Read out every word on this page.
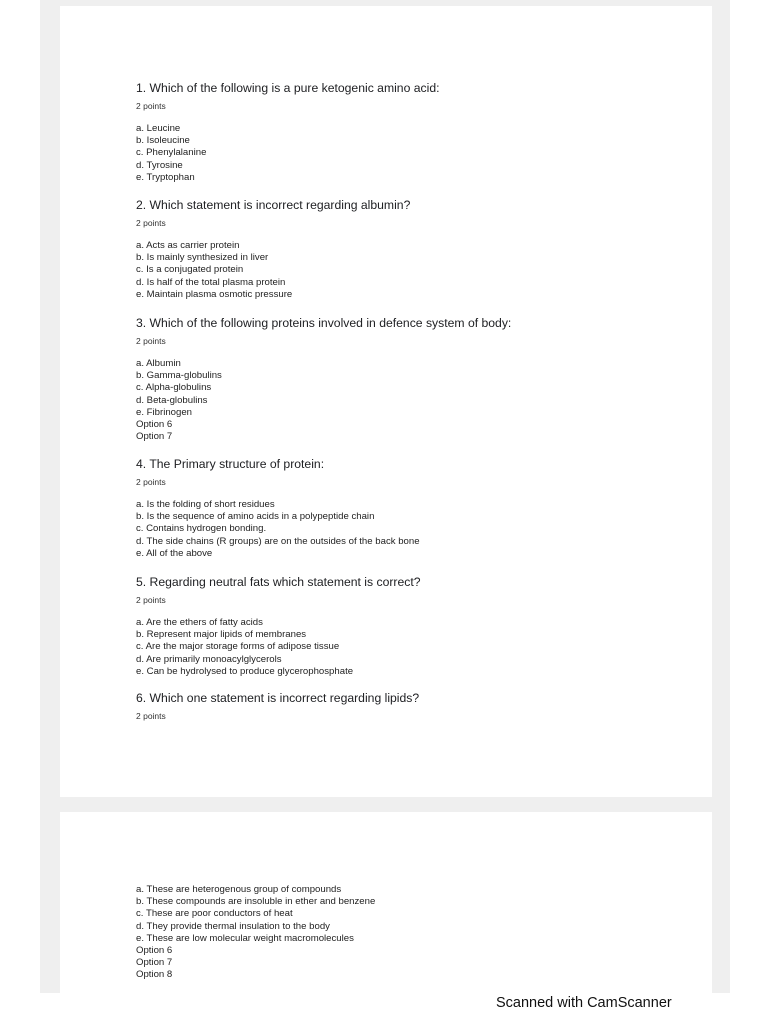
1. Which of the following is a pure ketogenic amino acid:
2 points
a. Leucine
b. Isoleucine
c. Phenylalanine
d. Tyrosine
e. Tryptophan
2. Which statement is incorrect regarding albumin?
2 points
a. Acts as carrier protein
b. Is mainly synthesized in liver
c. Is a conjugated protein
d. Is half of the total plasma protein
e. Maintain plasma osmotic pressure
3. Which of the following proteins involved in defence system of body:
2 points
a. Albumin
b. Gamma-globulins
c. Alpha-globulins
d. Beta-globulins
e. Fibrinogen
Option 6
Option 7
4. The Primary structure of protein:
2 points
a. Is the folding of short residues
b. Is the sequence of amino acids in a polypeptide chain
c. Contains hydrogen bonding.
d. The side chains (R groups) are on the outsides of the back bone
e. All of the above
5. Regarding neutral fats which statement is correct?
2 points
a. Are the ethers of fatty acids
b. Represent major lipids of membranes
c. Are the major storage forms of adipose tissue
d. Are primarily monoacylglycerols
e. Can be hydrolysed to produce glycerophosphate
6. Which one statement is incorrect regarding lipids?
2 points
a. These are heterogenous group of compounds
b. These compounds are insoluble in ether and benzene
c. These are poor conductors of heat
d. They provide thermal insulation to the body
e. These are low molecular weight macromolecules
Option 6
Option 7
Option 8
Scanned with CamScanner
